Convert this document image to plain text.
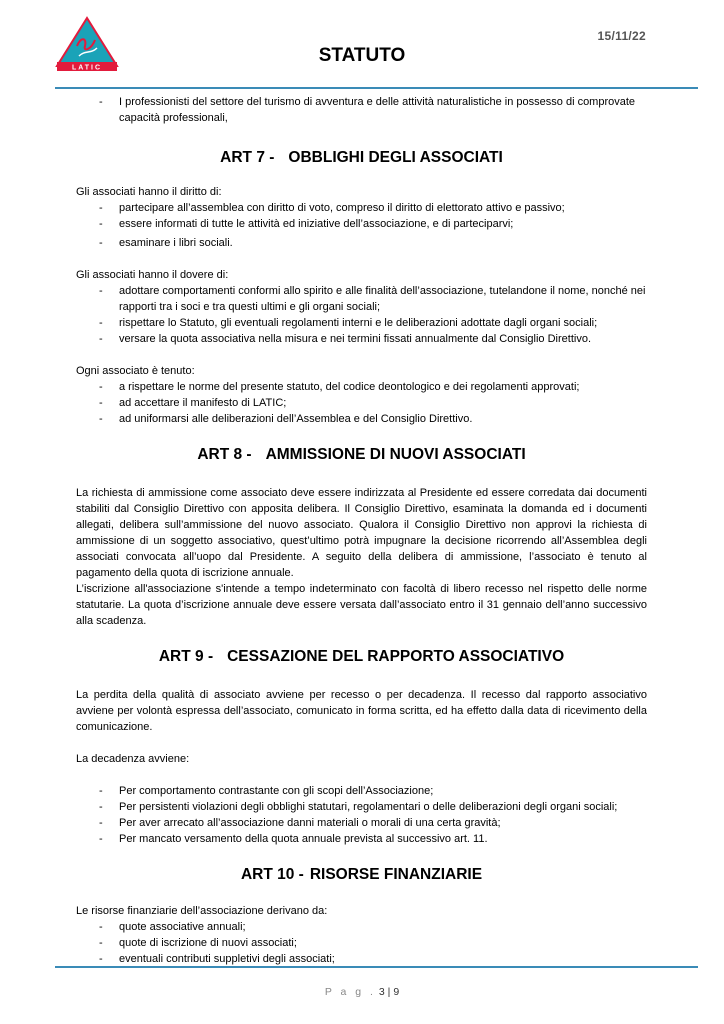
LATIC
15/11/22
STATUTO
- I professionisti del settore del turismo di avventura e delle attività naturalistiche in possesso di comprovate capacità professionali,
ART 7 - OBBLIGHI DEGLI ASSOCIATI

Gli associati hanno il diritto di:

- partecipare all’assemblea con diritto di voto, compreso il diritto di elettorato attivo e passivo;
- essere informati di tutte le attività ed iniziative dell’associazione, e di parteciparvi;
- esaminare i libri sociali.

Gli associati hanno il dovere di:

- adottare comportamenti conformi allo spirito e alle finalità dell’associazione, tutelandone il nome, nonché nei rapporti tra i soci e tra questi ultimi e gli organi sociali;
- rispettare lo Statuto, gli eventuali regolamenti interni e le deliberazioni adottate dagli organi sociali;
- versare la quota associativa nella misura e nei termini fissati annualmente dal Consiglio Direttivo.

Ogni associato è tenuto:

- a rispettare le norme del presente statuto, del codice deontologico e dei regolamenti approvati;
- ad accettare il manifesto di LATIC;
- ad uniformarsi alle deliberazioni dell’Assemblea e del Consiglio Direttivo.
ART 8 - AMMISSIONE DI NUOVI ASSOCIATI

La richiesta di ammissione come associato deve essere indirizzata al Presidente ed essere corredata dai documenti stabiliti dal Consiglio Direttivo con apposita delibera. Il Consiglio Direttivo, esaminata la domanda ed i documenti allegati, delibera sull’ammissione del nuovo associato. Qualora il Consiglio Direttivo non approvi la richiesta di ammissione di un soggetto associativo, quest’ultimo potrà impugnare la decisione ricorrendo all’Assemblea degli associati convocata all’uopo dal Presidente. A seguito della delibera di ammissione, l’associato è tenuto al pagamento della quota di iscrizione annuale.

L’iscrizione all'associazione s'intende a tempo indeterminato con facoltà di libero recesso nel rispetto delle norme statutarie. La quota d’iscrizione annuale deve essere versata dall’associato entro il 31 gennaio dell’anno successivo alla scadenza.

ART 9 - CESSAZIONE DEL RAPPORTO ASSOCIATIVO

La perdita della qualità di associato avviene per recesso o per decadenza. Il recesso dal rapporto associativo avviene per volontà espressa dell’associato, comunicato in forma scritta, ed ha effetto dalla data di ricevimento della comunicazione.

La decadenza avviene:

- Per comportamento contrastante con gli scopi dell’Associazione;
- Per persistenti violazioni degli obblighi statutari, regolamentari o delle deliberazioni degli organi sociali;
- Per aver arrecato all’associazione danni materiali o morali di una certa gravità;
- Per mancato versamento della quota annuale prevista al successivo art. 11.
ART 10 - RISORSE FINANZIARIE

Le risorse finanziarie dell’associazione derivano da:

- quote associative annuali;
- quote di iscrizione di nuovi associati;
- eventuali contributi suppletivi degli associati;
P a g . 3 | 9
